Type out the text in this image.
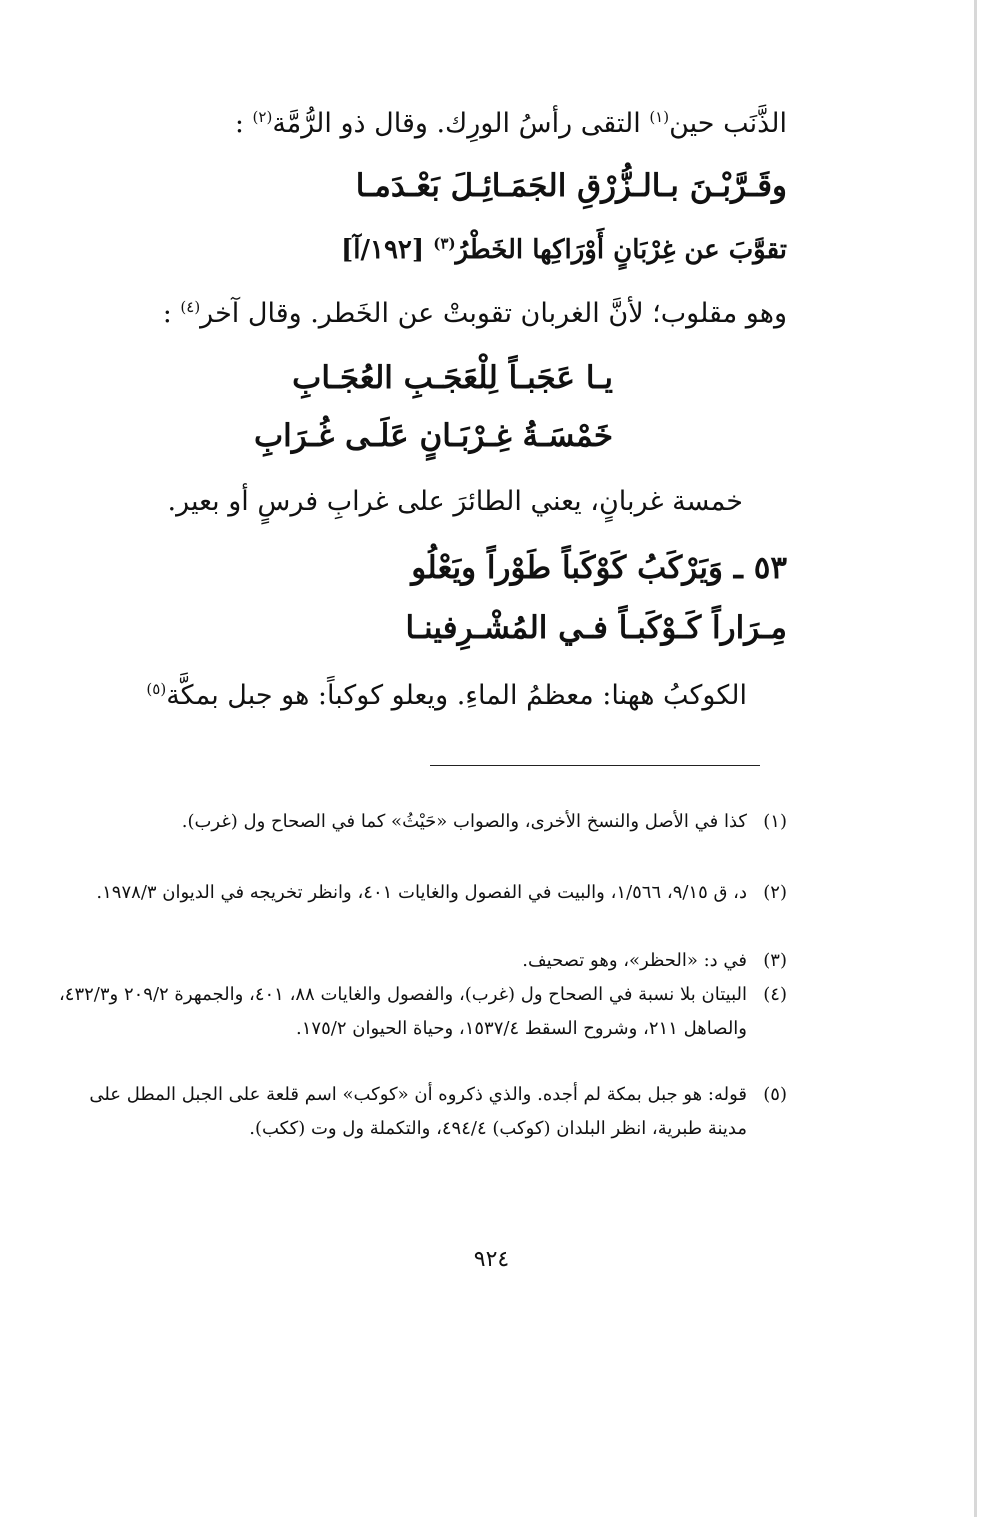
الذَّنَب حين$^{(١)}$ التقى رأسُ الورِك. وقال ذو الرُّمَّة$^{(٢)}$ :
وقَـرَّبْـنَ بـالـزُّرْقِ الجَمَـائِـلَ بَعْـدَمـا
تقوَّبَ عن غِرْبَانٍ أَوْرَاكِها الخَطْرُ$^{(٣)}$ [١٩٢/آ]
وهو مقلوب؛ لأنَّ الغربان تقوبتْ عن الخَطر. وقال آخر$^{(٤)}$ :
يـا عَجَبـاً لِلْعَجَـبِ العُجَـابِ
خَمْسَـةُ غِـرْبَـانٍ عَلَـى غُـرَابِ
خمسة غربانٍ، يعني الطائرَ على غرابِ فرسٍ أو بعير.
٥٣ ـ وَيَرْكَبُ كَوْكَباً طَوْراً ويَعْلُو
مِـرَاراً كَـوْكَبـاً فـي المُشْـرِفينـا
الكوكبُ ههنا: معظمُ الماءِ. ويعلو كوكباً: هو جبل بمكَّة$^{(٥)}$
(١)
كذا في الأصل والنسخ الأخرى، والصواب «حَيْثُ» كما في الصحاح ول (غرب).
(٢)
د، ق ٩/١٥، ١/٥٦٦، والبيت في الفصول والغايات ٤٠١، وانظر تخريجه في الديوان ١٩٧٨/٣.
(٣)
في د: «الحظر»، وهو تصحيف.
(٤)
البيتان بلا نسبة في الصحاح ول (غرب)، والفصول والغايات ٨٨، ٤٠١، والجمهرة ٢٠٩/٢ و٤٣٢/٣، والصاهل ٢١١، وشروح السقط ١٥٣٧/٤، وحياة الحيوان ١٧٥/٢.
(٥)
قوله: هو جبل بمكة لم أجده. والذي ذكروه أن «كوكب» اسم قلعة على الجبل المطل على مدينة طبرية، انظر البلدان (كوكب) ٤٩٤/٤، والتكملة ول وت (ككب).
٩٢٤
